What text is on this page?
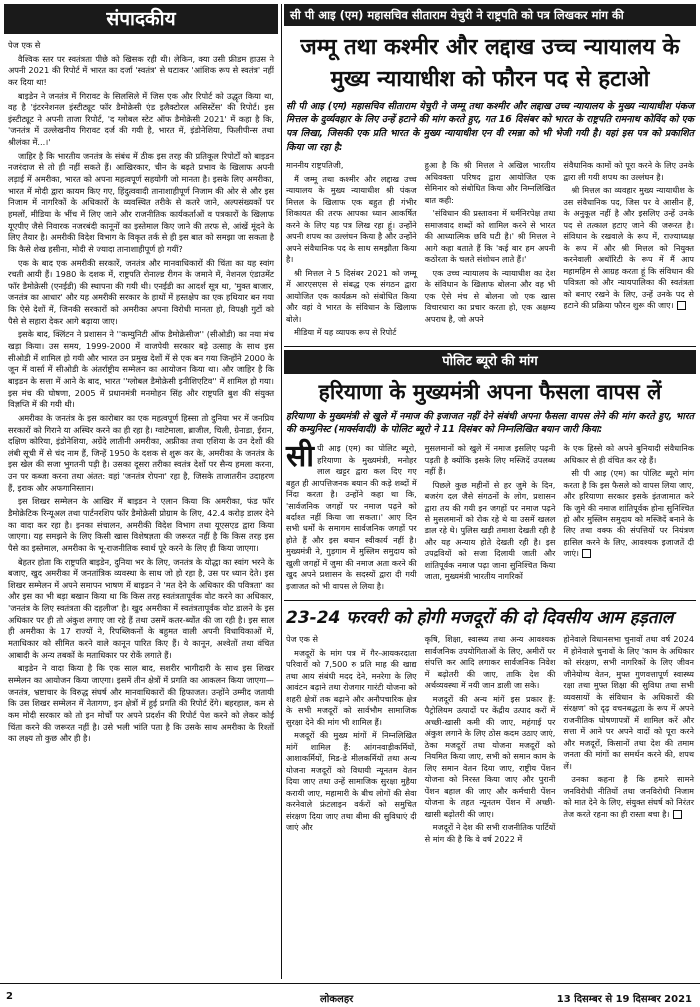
संपादकीय

पेज एक से

वैश्विक स्तर पर स्वतंत्रता पीछे को खिसक रही थी। लेकिन, क्या उसी फ्रीडम हाउस ने अपनी 2021 की रिपोर्ट में भारत का दर्जा 'स्वतंत्र' से घटाकर 'आंशिक रूप से स्वतंत्र' नहीं कर दिया था!

बाइडेन ने जनतंत्र में गिरावट के सिलसिले में जिस एक और रिपोर्ट को उद्धृत किया था, वह है 'इंटरनेशनल इंस्टीट्यूट फॉर डैमोक्रेसी एंड इलैक्टोरल असिस्टेंस' की रिपोर्ट। इस इंस्टीट्यूट ने अपनी ताजा रिपोर्ट, 'द ग्लोबल स्टेट ऑफ डैमोक्रेसी 2021' में कहा है कि, 'जनतंत्र में उल्लेखनीय गिरावट दर्ज की गयी है, भारत में, इंडोनेशिया, फिलीपीन्स तथा श्रीलंका में...।'

जाहिर है कि भारतीय जनतंत्र के संबंध में ठीक इस तरह की प्रतिकूल रिपोर्टों को बाइडन नजरंदाज से तो ही नहीं सकते हैं। आखिरकार, चीन के बढ़ते प्रभाव के खिलाफ अपनी लड़ाई में अमरीका, भारत को अपना महत्वपूर्ण सहयोगी जो मानता है। इसके लिए अमरीका, भारत में मोदी द्वारा कायम किए गए, हिंदुत्ववादी तानाशाहीपूर्ण निजाम की ओर से और इस निजाम में नागरिकों के अधिकारों के व्यवस्थित तरीके से कतरे जाने, अल्पसंख्यकों पर हमलों, मीडिया के भींच में लिए जाने और राजनीतिक कार्यकर्ताओं व पत्रकारों के खिलाफ यूएपीए जैसे निवारक नजरबंदी कानूनों का इस्तेमाल किए जाने की तरफ से, आंखें मूंदने के लिए तैयार है। अमरीकी विदेश विभाग के विकृत तर्क से ही इस बात को समझा जा सकता है कि कैसे शेख हसीना, मोदी से ज्यादा तानाशाहीपूर्ण हो गयीं?

एक के बाद एक अमरीकी सरकारें, जनतंत्र और मानवाधिकारों की चिंता का यह स्वांग रचती आयी हैं। 1980 के दशक में, राष्ट्रपति रोनाल्ड रीगन के जमाने में, नेशनल एंडाउमेंट फॉर डैमोक्रेसी (एनईडी) की स्थापना की गयी थी। एनईडी का आदर्श सूत्र था, 'मुक्त बाजार, जनतंत्र का आधार' और यह अमरीकी सरकार के हाथों में हस्तक्षेप का एक हथियार बन गया कि ऐसे देशों में, जिनकी सरकारों को अमरीका अपना विरोधी मानता हो, विपक्षी गुटों को पैसे से सहारा देकर आगे बढ़ाया जाए।

इसके बाद, क्लिंटन ने प्रशासन ने ''कम्युनिटी ऑफ डैमोक्रेसीज'' (सीओडी) का नया मंच खड़ा किया। उस समय, 1999-2000 में वाजपेयी सरकार बड़े उत्साह के साथ इस सीओडी में शामिल हो गयी और भारत उन प्रमुख देशों में से एक बन गया जिन्होंने 2000 के जून में वार्सा में सीओडी के अंतर्राष्ट्रीय सम्मेलन का आयोजन किया था। और जाहिर है कि बाइडन के सत्ता में आने के बाद, भारत ''ग्लोबल डैमोक्रेसी इनीशिएटिव'' में शामिल हो गया। इस मंच की घोषणा, 2005 में प्रधानमंत्री मनमोहन सिंह और राष्ट्रपति बुश की संयुक्त विज्ञप्ति में की गयी थी।

अमरीका के जनतंत्र के इस कारोबार का एक महत्वपूर्ण हिस्सा तो दुनिया भर में जनप्रिय सरकारों को गिराने या अस्थिर करने का ही रहा है। ग्वाटेमाला, ब्राजील, चिली, ग्रेनाडा, ईरान, दक्षिण कोरिया, इंडोनेशिया, अग्रेंदे लातीनी अमरीका, अफ्रीका तथा एशिया के उन देशों की लंबी सूची में से चंद नाम हैं, जिन्हें 1950 के दशक से शुरू कर के, अमरीका के जनतंत्र के इस खेल की सजा भुगतनी पड़ी है। उसका दूसरा तरीका स्वतंत्र देशों पर सैन्य हमला करना, उन पर कब्जा करना तथा अंतत: वहां 'जनतंत्र रोपना' रहा है, जिसके ताजातरीन उदाहरण हैं, इराक और अफगानिस्तान।

इस शिखर सम्मेलन के आखिर में बाइडन ने एलान किया कि अमरीका, फंड फॉर डैमोक्रेटिक रिन्यूअल तथा पार्टनरशिप फॉर डैमोक्रेसी प्रोग्राम के लिए, 42.4 करोड़ डालर देने का वादा कर रहा है। इनका संचालन, अमरीकी विदेश विभाग तथा यूएसएड द्वारा किया जाएगा। यह समझने के लिए किसी खास विशेषज्ञता की जरूरत नहीं है कि किस तरह इस पैसे का इस्तेमाल, अमरीका के भू-राजनीतिक स्वार्थ पूरे करने के लिए ही किया जाएगा।

बेहतर होता कि राष्ट्रपति बाइडेन, दुनिया भर के लिए, जनतंत्र के योद्धा का स्वांग भरने के बजाए, खुद अमरीका में जनतांत्रिक व्यवस्था के साथ जो हो रहा है, उस पर ध्यान देते। इस शिखर सम्मेलन में अपने समापन भाषण में बाइडन ने 'मत देने के अधिकार की पवित्रता' का और इस का भी बड़ा बखान किया था कि किस तरह स्वतंत्रतापूर्वक वोट करने का अधिकार, 'जनतंत्र के लिए स्वतंत्रता की दहलीज' है। खुद अमरीका में स्वतंत्रतापूर्वक वोट डालने के इस अधिकार पर ही तो अंकुश लगाए जा रहे हैं तथा उसमें कतर-ब्योंत की जा रही है। इस साल ही अमरीका के 17 राज्यों ने, रिपब्लिकनों के बहुमत वाली अपनी विधायिकाओं में, मताधिकार को सीमित करने वाले कानून पारित किए हैं। ये कानून, अश्वेतों तथा वंचित आबादी के अन्य तबकों के मताधिकार पर रोकें लगाते हैं।

बाइडेन ने वादा किया है कि एक साल बाद, सशरीर भागीदारी के साथ इस शिखर सम्मेलन का आयोजन किया जाएगा। इसमें तीन क्षेत्रों में प्रगति का आकलन किया जाएगा—जनतंत्र, भ्रष्टाचार के विरुद्ध संघर्ष और मानवाधिकारों की हिफाजत। उन्होंने उम्मीद जतायी कि उस शिखर सम्मेलन में नेतागण, इन क्षेत्रों में हुई प्रगति की रिपोर्ट देंगे। बहरहाल, कम से कम मोदी सरकार को तो इन मोर्चों पर अपने प्रदर्शन की रिपोर्ट पेश करने को लेकर कोई चिंता करने की जरूरत नहीं है। उसे भली भांति पता है कि उसके साथ अमरीका के रिश्तों का लक्ष्य तो कुछ और ही है।

सी पी आइ (एम) महासचिव सीताराम येचुरी ने राष्ट्रपति को पत्र लिखकर मांग की
जम्मू तथा कश्मीर और लद्दाख उच्च न्यायालय के मुख्य न्यायाधीश को फौरन पद से हटाओ

सी पी आइ (एम) महासचिव सीताराम येचुरी ने जम्मू तथा कश्मीर और लद्दाख उच्च न्यायालय के मुख्य न्यायाधीश पंकज मित्तल के दुर्व्यवहार के लिए उन्हें हटाने की मांग करते हुए, गत 16 दिसंबर को भारत के राष्ट्रपति रामनाथ कोविंद को एक पत्र लिखा, जिसकी एक प्रति भारत के मुख्य न्यायाधीश एन वी रमन्ना को भी भेजी गयी है। यहां इस पत्र को प्रकाशित किया जा रहा है:

माननीय राष्ट्रपतिजी,

मैं जम्मू तथा कश्मीर और लद्दाख उच्च न्यायालय के मुख्य न्यायाधीश श्री पंकज मित्तल के खिलाफ एक बहुत ही गंभीर शिकायत की तरफ आपका ध्यान आकर्षित करने के लिए यह पत्र लिख रहा हूं। उन्होंने अपनी शपथ का उल्लंघन किया है और उन्होंने अपने संवैधानिक पद के साथ समझौता किया है।

श्री मित्तल ने 5 दिसंबर 2021 को जम्मू में आरएसएस से संबद्ध एक संगठन द्वारा आयोजित एक कार्यक्रम को संबोधित किया और वहां वे भारत के संविधान के खिलाफ बोले।

मीडिया में यह व्यापक रूप से रिपोर्ट

हुआ है कि श्री मित्तल ने अखिल भारतीय अधिवक्ता परिषद द्वारा आयोजित एक सेमिनार को संबोधित किया और निम्नलिखित बात कही:

'संविधान की प्रस्तावना में धर्मनिरपेक्ष तथा समाजवाद शब्दों को शामिल करने से भारत की आध्यात्मिक छवि घटी है।' श्री मित्तल ने आगे कहा बताते हैं कि 'कई बार हम अपनी कठोरता के चलते संशोधन लाते हैं।'

एक उच्च न्यायालय के न्यायाधीश का देश के संविधान के खिलाफ बोलना और वह भी एक ऐसे मंच से बोलना जो एक खास विचारधारा का प्रचार करता हो, एक अक्षम्य अपराध है, जो अपने

संवैधानिक कामों को पूरा करने के लिए उनके द्वारा ली गयी शपथ का उल्लंघन है।

श्री मित्तल का व्यवहार मुख्य न्यायाधीश के उस संवैधानिक पद, जिस पर वे आसीन हैं, के अनुकूल नहीं है और इसलिए उन्हें उनके पद से तत्काल हटाए जाने की जरूरत है। संविधान के रखवाले के रूप में, राज्याध्यक्ष के रूप में और श्री मित्तल को नियुक्त करनेवाली अथॉरिटी के रूप में मैं आप महामहिम से आग्रह करता हूं कि संविधान की पवित्रता को और न्यायपालिका की स्वतंत्रता को बनाए रखने के लिए, उन्हें उनके पद से हटाने की प्रक्रिया फौरन शुरू की जाए।

पोलिट ब्यूरो की मांग
हरियाणा के मुख्यमंत्री अपना फैसला वापस लें

हरियाणा के मुख्यमंत्री से खुले में नमाज की इजाजत नहीं देने संबंधी अपना फैसला वापस लेने की मांग करते हुए, भारत की कम्युनिस्ट (मार्क्सवादी) के पोलिट ब्यूरो ने 11 दिसंबर को निम्नलिखित बयान जारी किया:

सी पी आइ (एम) का पोलिट ब्यूरो, हरियाणा के मुख्यमंत्री, मनोहर लाल खट्टर द्वारा कल दिए गए बहुत ही आपत्तिजनक बयान की कड़े शब्दों में निंदा करता है। उन्होंने कहा था कि, 'सार्वजनिक जगहों पर नमाज पढ़ने को बर्दाश्त नहीं किया जा सकता।' आए दिन सभी धर्मों के समागम सार्वजनिक जगहों पर होते हैं और इस बयान स्वीकार्य नहीं है। मुख्यमंत्री ने, गुड़गाम में मुस्लिम समुदाय को खुली जगहों में जुमा की नमाज अता करने की खुद अपने प्रशासन के सदस्यों द्वारा दी गयी इजाजत को भी वापस ले लिया है।

मुसलमानों को खुले में नमाज इसलिए पढ़नी पड़ती है क्योंकि इसके लिए मस्जिदें उपलब्ध नहीं हैं।

पिछले कुछ महीनों से हर जुमे के दिन, बजरंग दल जैसे संगठनों के लोग, प्रशासन द्वारा तय की गयी इन जगहों पर नमाज पढ़ने से मुसलमानों को रोक रहे थे या उसमें खलल डाल रहे थे। पुलिस खड़ी तमाशा देखती रही है और यह अन्याय होते देखती रही है। इस उपद्रवियों को सजा दिलायी जाती और शांतिपूर्वक नमाज पढ़ा जाना सुनिश्चित किया जाता, मुख्यमंत्री भारतीय नागरिकों

के एक हिस्से को अपने बुनियादी संवैधानिक अधिकार से ही वंचित कर रहे हैं।

सी पी आइ (एम) का पोलिट ब्यूरो मांग करता है कि इस फैसले को वापस लिया जाए, और हरियाणा सरकार इसके इंतजामात करे कि जुमे की नमाज शांतिपूर्वक होना सुनिश्चित हो और मुस्लिम समुदाय को मस्जिदें बनाने के लिए तथा वक्फ की संपत्तियों पर नियंत्रण हासिल करने के लिए, आवश्यक इजाजतें दी जाएं।

23-24 फरवरी को होगी मजदूरों की दो दिवसीय आम हड़ताल

पेज एक से

मजदूरों के मांग पत्र में गैर-आयकरदाता परिवारों को 7,500 रु प्रति माह की खाद्य तथा आय संबंधी मदद देने, मनरेगा के लिए आवंटन बढ़ाने तथा रोजगार गारंटी योजना को शहरी क्षेत्रों तक बढ़ाने और अनौपचारिक क्षेत्र के सभी मजदूरों को सार्वभौम सामाजिक सुरक्षा देने की मांग भी शामिल हैं।

मजदूरों की मुख्य मांगों में निम्नलिखित मांगें शामिल हैं: आंगनवाड़ीकर्मियों, आशाकर्मियों, मिड-डे मीलकर्मियों तथा अन्य योजना मजदूरों को विधायी न्यूनतम वेतन दिया जाए तथा उन्हें सामाजिक सुरक्षा मुहैया करायी जाए, महामारी के बीच लोगों की सेवा करनेवाले फ्रंटलाइन वर्करों को समुचित संरक्षण दिया जाए तथा बीमा की सुविधाएं दी जाएं और

कृषि, शिक्षा, स्वास्थ्य तथा अन्य आवश्यक सार्वजनिक उपयोगिताओं के लिए, अमीरों पर संपत्ति कर आदि लगाकर सार्वजनिक निवेश में बढ़ोतरी की जाए, ताकि देश की अर्थव्यवस्था में नयी जान डाली जा सके।

मजदूरों की अन्य मांगें इस प्रकार हैं: पैट्रोलियम उत्पादों पर केंद्रीय उत्पाद करों में अच्छी-खासी कमी की जाए, महंगाई पर अंकुश लगाने के लिए ठोस कदम उठाए जाएं, ठेका मजदूरों तथा योजना मजदूरों को नियमित किया जाए, सभी को समान काम के लिए समान वेतन दिया जाए, राष्ट्रीय पेंशन योजना को निरस्त किया जाए और पुरानी पेंशन बहाल की जाए और कर्मचारी पेंशन योजना के तहत न्यूनतम पेंशन में अच्छी-खासी बढ़ोतरी की जाए।

मजदूरों ने देश की सभी राजनीतिक पार्टियों से मांग की है कि वे वर्ष 2022 में

होनेवाले विधानसभा चुनावों तथा वर्ष 2024 में होनेवाले चुनावों के लिए 'काम के अधिकार को संरक्षण, सभी नागरिकों के लिए जीवन जीनेयोग्य वेतन, मुफ्त गुणवत्तापूर्ण स्वास्थ्य रक्षा तथा मुफ्त शिक्षा की सुविधा तथा सभी व्यवसायों के संविधान के अधिकारों की संरक्षण' को दृढ़ वचनबद्धता के रूप में अपने राजनीतिक घोषणापत्रों में शामिल करें और सत्ता में आने पर अपने वादों को पूरा करने और मजदूरों, किसानों तथा देश की तमाम जनता की मांगों का समर्थन करने की, शपथ लें।

उनका कहना है कि हमारे सामने जनविरोधी नीतियों तथा जनविरोधी निजाम को मात देने के लिए, संयुक्त संघर्ष को निरंतर तेज करते रहना का ही रास्ता बचा है।

2	लोकलहर	13 दिसम्बर से 19 दिसम्बर 2021
